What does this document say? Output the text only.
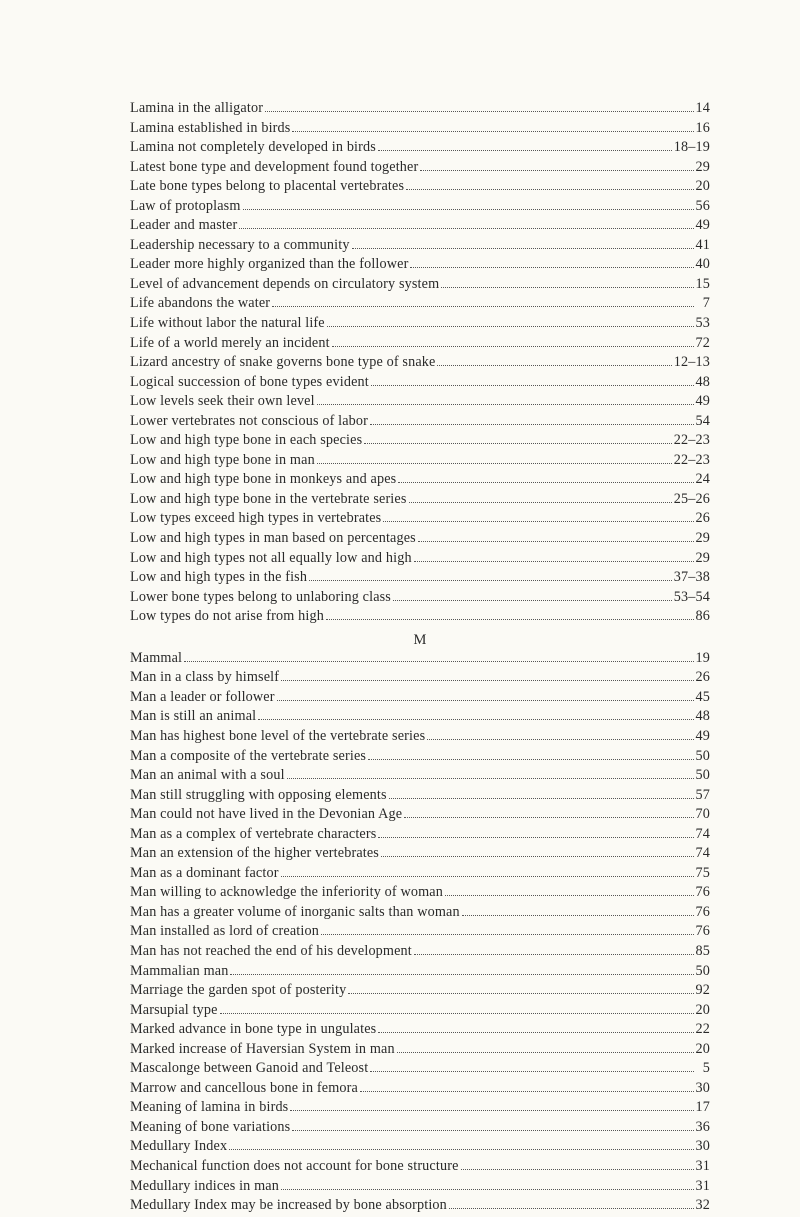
Lamina in the alligator	14
Lamina established in birds	16
Lamina not completely developed in birds	18–19
Latest bone type and development found together	29
Late bone types belong to placental vertebrates	20
Law of protoplasm	56
Leader and master	49
Leadership necessary to a community	41
Leader more highly organized than the follower	40
Level of advancement depends on circulatory system	15
Life abandons the water	7
Life without labor the natural life	53
Life of a world merely an incident	72
Lizard ancestry of snake governs bone type of snake	12–13
Logical succession of bone types evident	48
Low levels seek their own level	49
Lower vertebrates not conscious of labor	54
Low and high type bone in each species	22–23
Low and high type bone in man	22–23
Low and high type bone in monkeys and apes	24
Low and high type bone in the vertebrate series	25–26
Low types exceed high types in vertebrates	26
Low and high types in man based on percentages	29
Low and high types not all equally low and high	29
Low and high types in the fish	37–38
Lower bone types belong to unlaboring class	53–54
Low types do not arise from high	86
M
Mammal	19
Man in a class by himself	26
Man a leader or follower	45
Man is still an animal	48
Man has highest bone level of the vertebrate series	49
Man a composite of the vertebrate series	50
Man an animal with a soul	50
Man still struggling with opposing elements	57
Man could not have lived in the Devonian Age	70
Man as a complex of vertebrate characters	74
Man an extension of the higher vertebrates	74
Man as a dominant factor	75
Man willing to acknowledge the inferiority of woman	76
Man has a greater volume of inorganic salts than woman	76
Man installed as lord of creation	76
Man has not reached the end of his development	85
Mammalian man	50
Marriage the garden spot of posterity	92
Marsupial type	20
Marked advance in bone type in ungulates	22
Marked increase of Haversian System in man	20
Mascalonge between Ganoid and Teleost	5
Marrow and cancellous bone in femora	30
Meaning of lamina in birds	17
Meaning of bone variations	36
Medullary Index	30
Mechanical function does not account for bone structure	31
Medullary indices in man	31
Medullary Index may be increased by bone absorption	32
